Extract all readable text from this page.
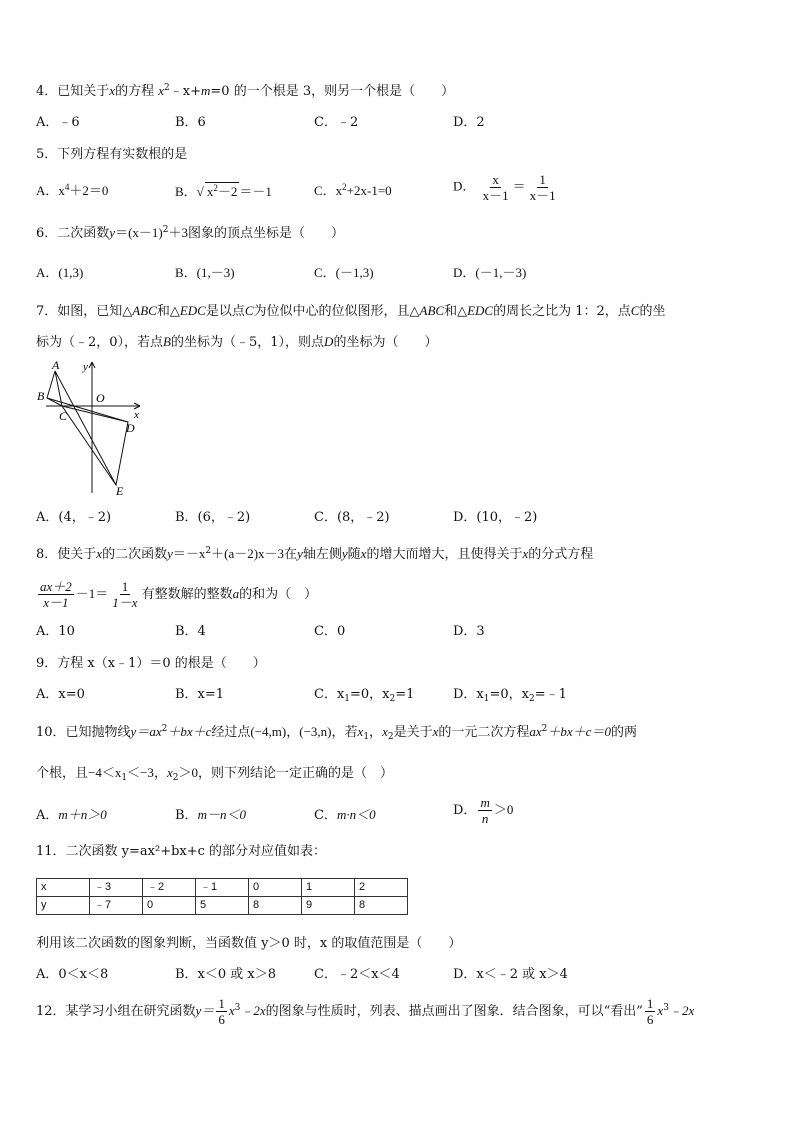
4．已知关于x的方程 $x^2﹣x+m=0$ 的一个根是 3，则另一个根是（　　）
A．﹣6	B．6	C．﹣2	D．2
5．下列方程有实数根的是
A．$x^4+2=0$	B．√ $x^2-2 =-1$	C．$x^2+2x-1=0$	D． $\frac{x}{x-1} = \frac{1}{x-1}$
6．二次函数$y=(x-1)^2+3$图象的顶点坐标是（　　）
A．(1,3)	B．(1,－3)	C．(－1,3)	D．(－1,－3)
7．如图，已知△ABC和△EDC是以点C为位似中心的位似图形，且△ABC和△EDC的周长之比为 1：2，点C的坐
标为（﹣2，0），若点B的坐标为（﹣5，1），则点D的坐标为（　　）
A
B
C
D
E
O
x
y
A．(4，﹣2)	B．(6，﹣2)	C．(8，﹣2)	D．(10，﹣2)
8．使关于x的二次函数$y=-x^2+(a-2)x-3$在y轴左侧y随x的增大而增大，且使得关于x的分式方程
$\frac{ax+2}{x-1} -1= \frac{1}{1-x}$ 有整数解的整数a的和为（　）
A．10	B．4	C．0	D．3
9．方程 x（x﹣1）＝0 的根是（　　）
A．x=0	B．x=1	C．$x_1=0$，$x_2=1$	D．$x_1=0$，$x_2=﹣1$
10．已知抛物线$y=ax^2+bx+c$经过点(−4,m)，(−3,n)，若$x_1$，$x_2$是关于x的一元二次方程$ax^2+bx+c=0$的两
个根，且$-4<x_1<-3$，$x_2>0$，则下列结论一定正确的是（　）
A．m＋n＞0	B．m－n＜0	C．m·n＜0	D． $\frac{m}{n} >0$
11．二次函数 y=ax²+bx+c 的部分对应值如表：
x	﹣3	﹣2	﹣1	0	1	2
y	﹣7	0	5	8	9	8
利用该二次函数的图象判断，当函数值 y＞0 时，x 的取值范围是（　　）
A．0＜x＜8	B．x＜0 或 x＞8	C．﹣2＜x＜4	D．x＜﹣2 或 x＞4
12．某学习小组在研究函数$y= \frac{1}{6}$ $x^3﹣2x$的图象与性质时，列表、描点画出了图象．结合图象，可以“看出” $\frac{1}{6}$ $x^3﹣2x$
